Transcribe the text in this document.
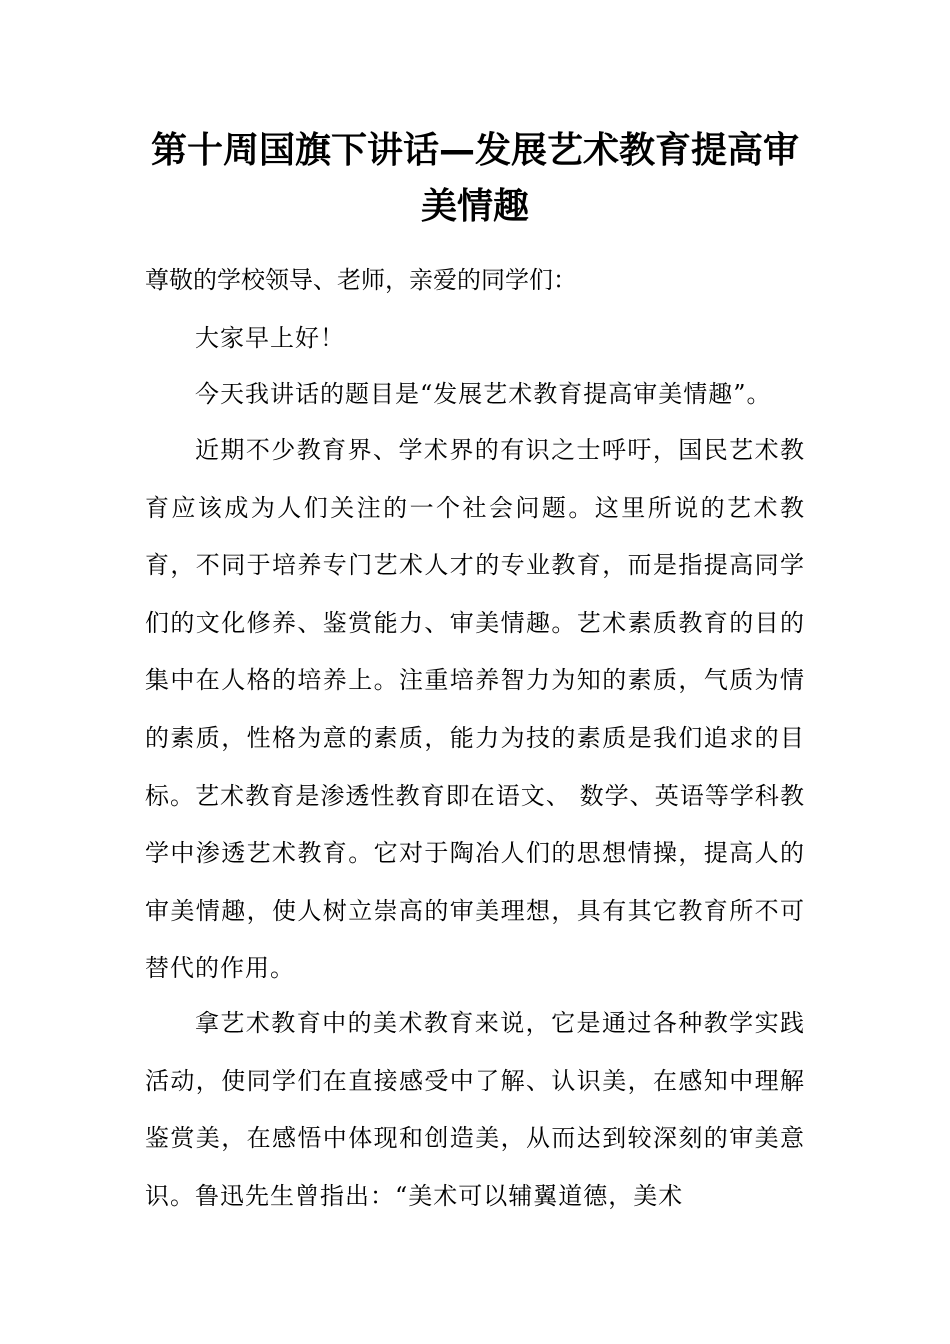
第十周国旗下讲话—发展艺术教育提高审
美情趣
尊敬的学校领导、老师，亲爱的同学们：
大家早上好！
今天我讲话的题目是“发展艺术教育提高审美情趣”。
近期不少教育界、学术界的有识之士呼吁，国民艺术教育应该成为人们关注的一个社会问题。这里所说的艺术教育，不同于培养专门艺术人才的专业教育，而是指提高同学们的文化修养、鉴赏能力、审美情趣。艺术素质教育的目的集中在人格的培养上。注重培养智力为知的素质，气质为情的素质，性格为意的素质，能力为技的素质是我们追求的目标。艺术教育是渗透性教育即在语文、 数学、英语等学科教学中渗透艺术教育。它对于陶冶人们的思想情操，提高人的审美情趣，使人树立崇高的审美理想，具有其它教育所不可替代的作用。
拿艺术教育中的美术教育来说，它是通过各种教学实践活动，使同学们在直接感受中了解、认识美，在感知中理解鉴赏美，在感悟中体现和创造美，从而达到较深刻的审美意识。鲁迅先生曾指出：“美术可以辅翼道德，美术
